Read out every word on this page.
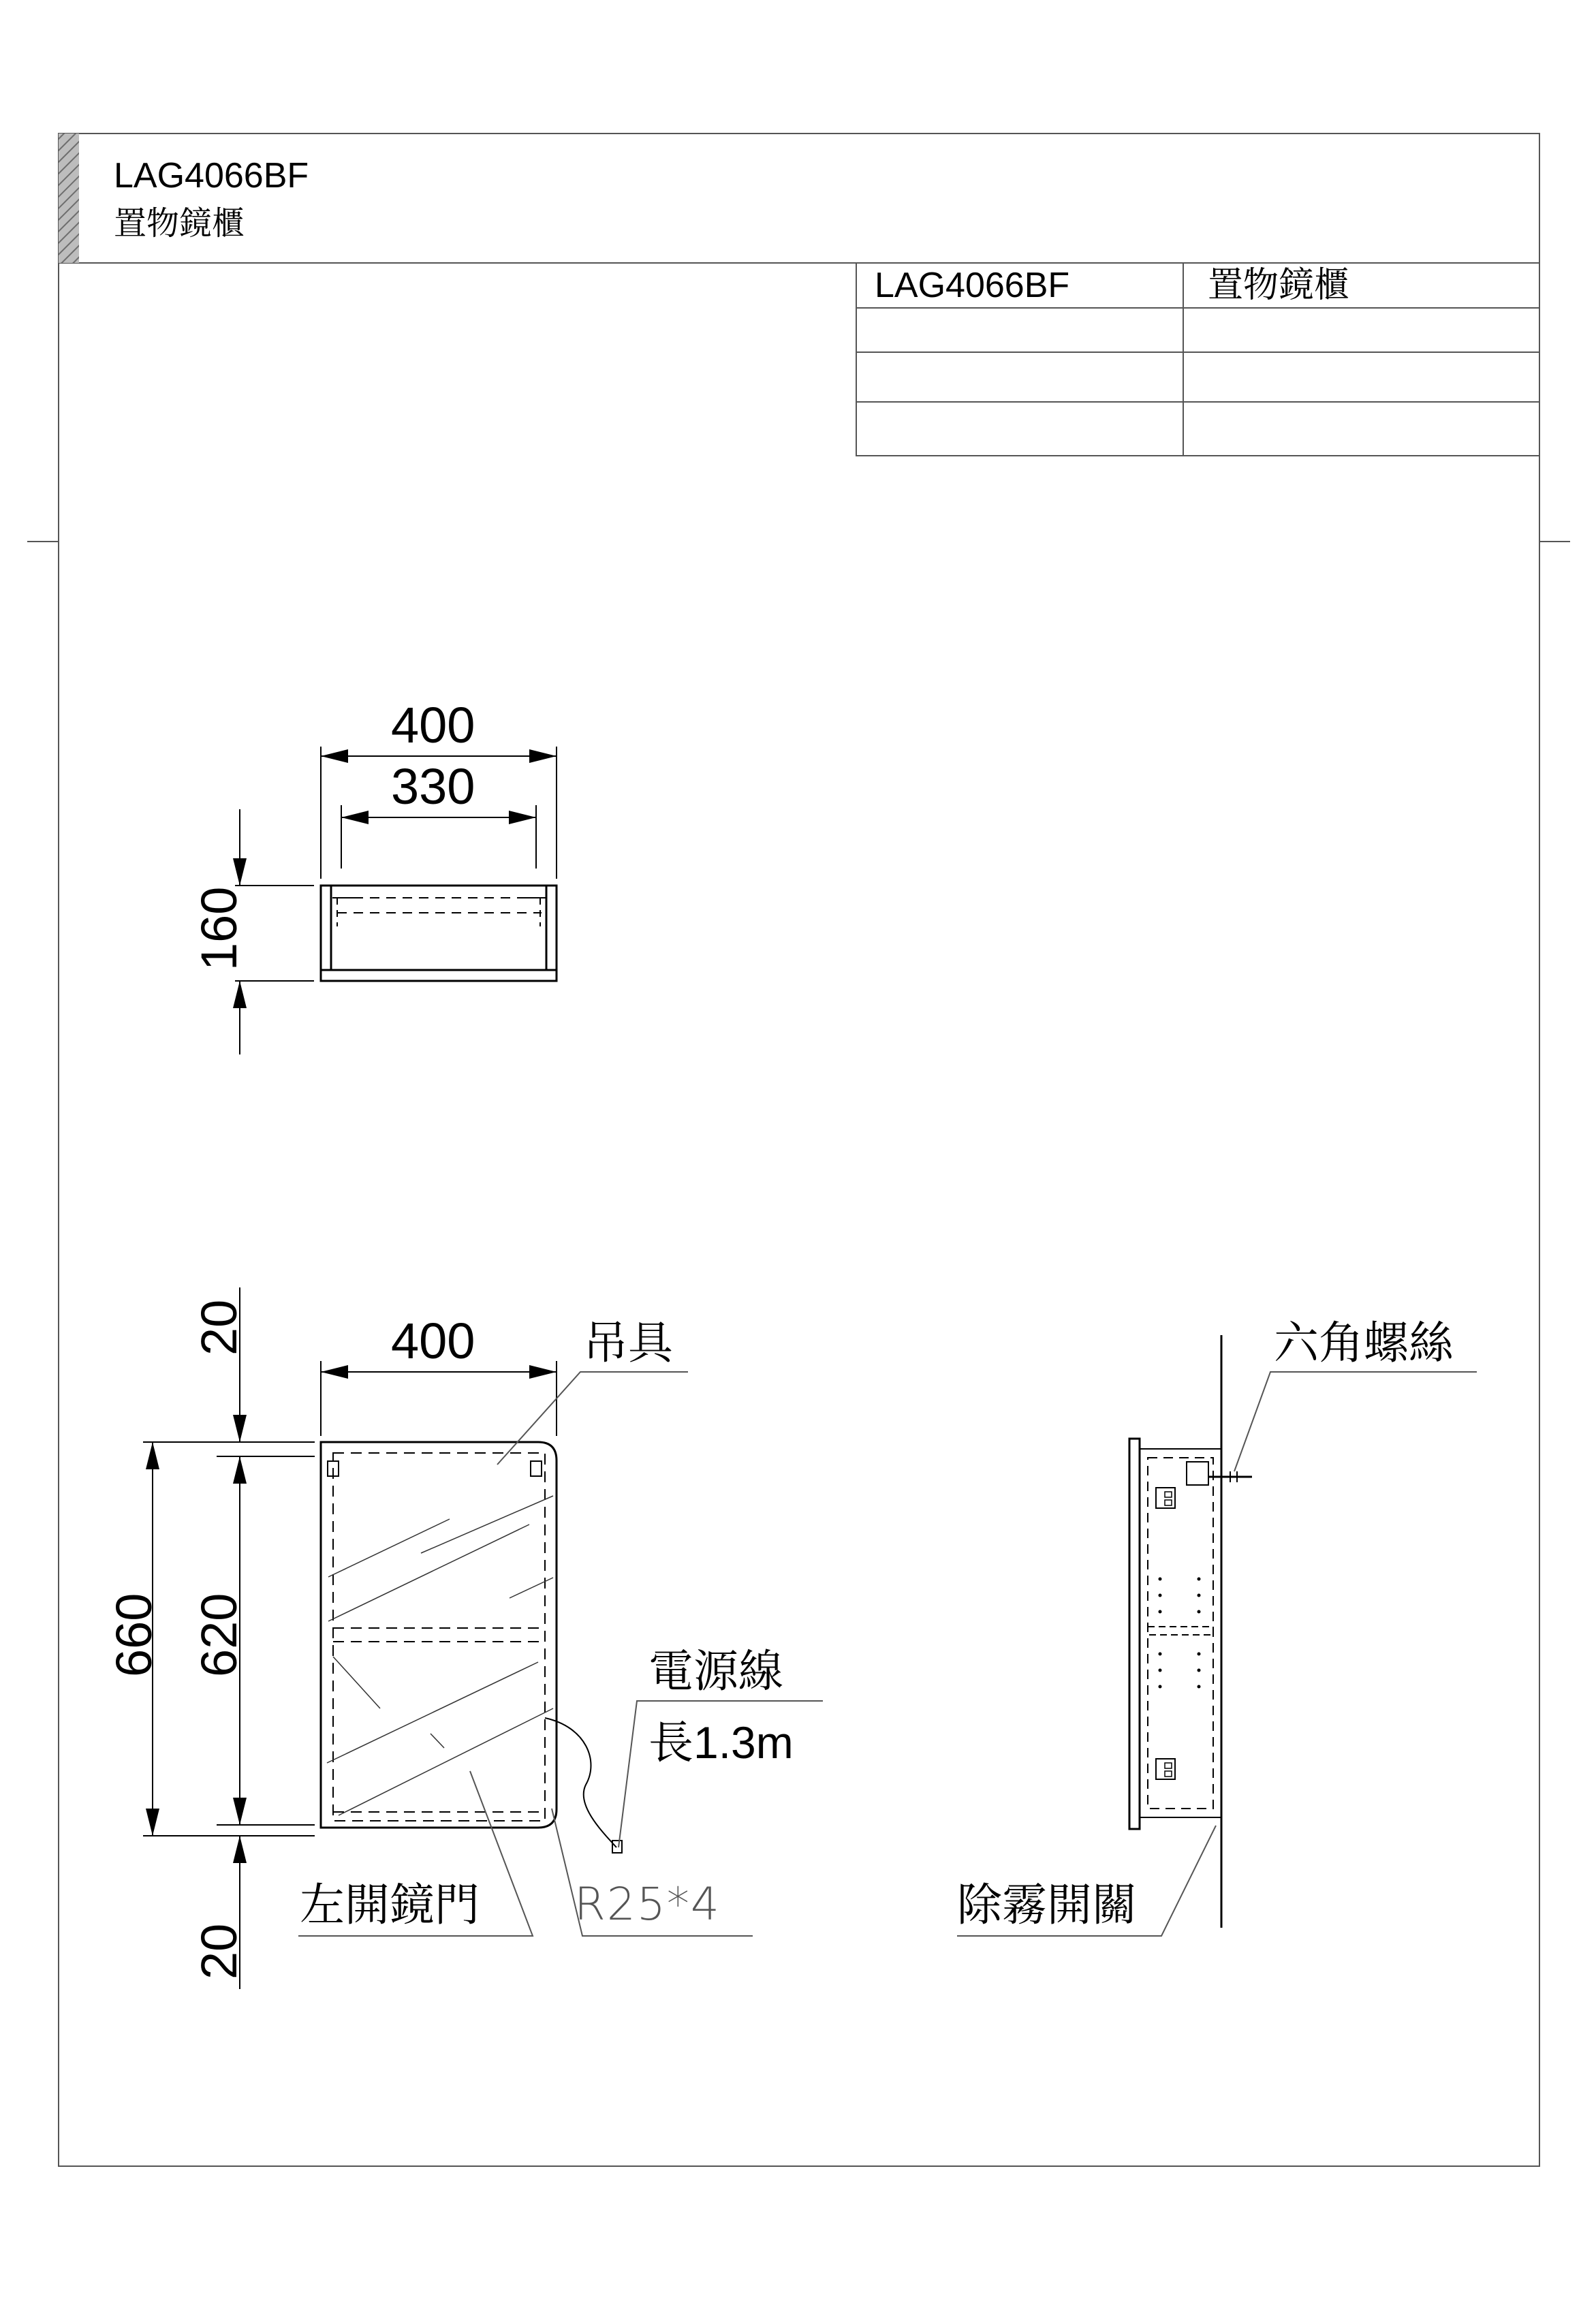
LAG4066BF
置物鏡櫃
LAG4066BF	置物鏡櫃
400
330
160
400
660 620
20
20
吊具
電源線
長1.3m
左開鏡門 R25*4
六角螺絲
除霧開關
